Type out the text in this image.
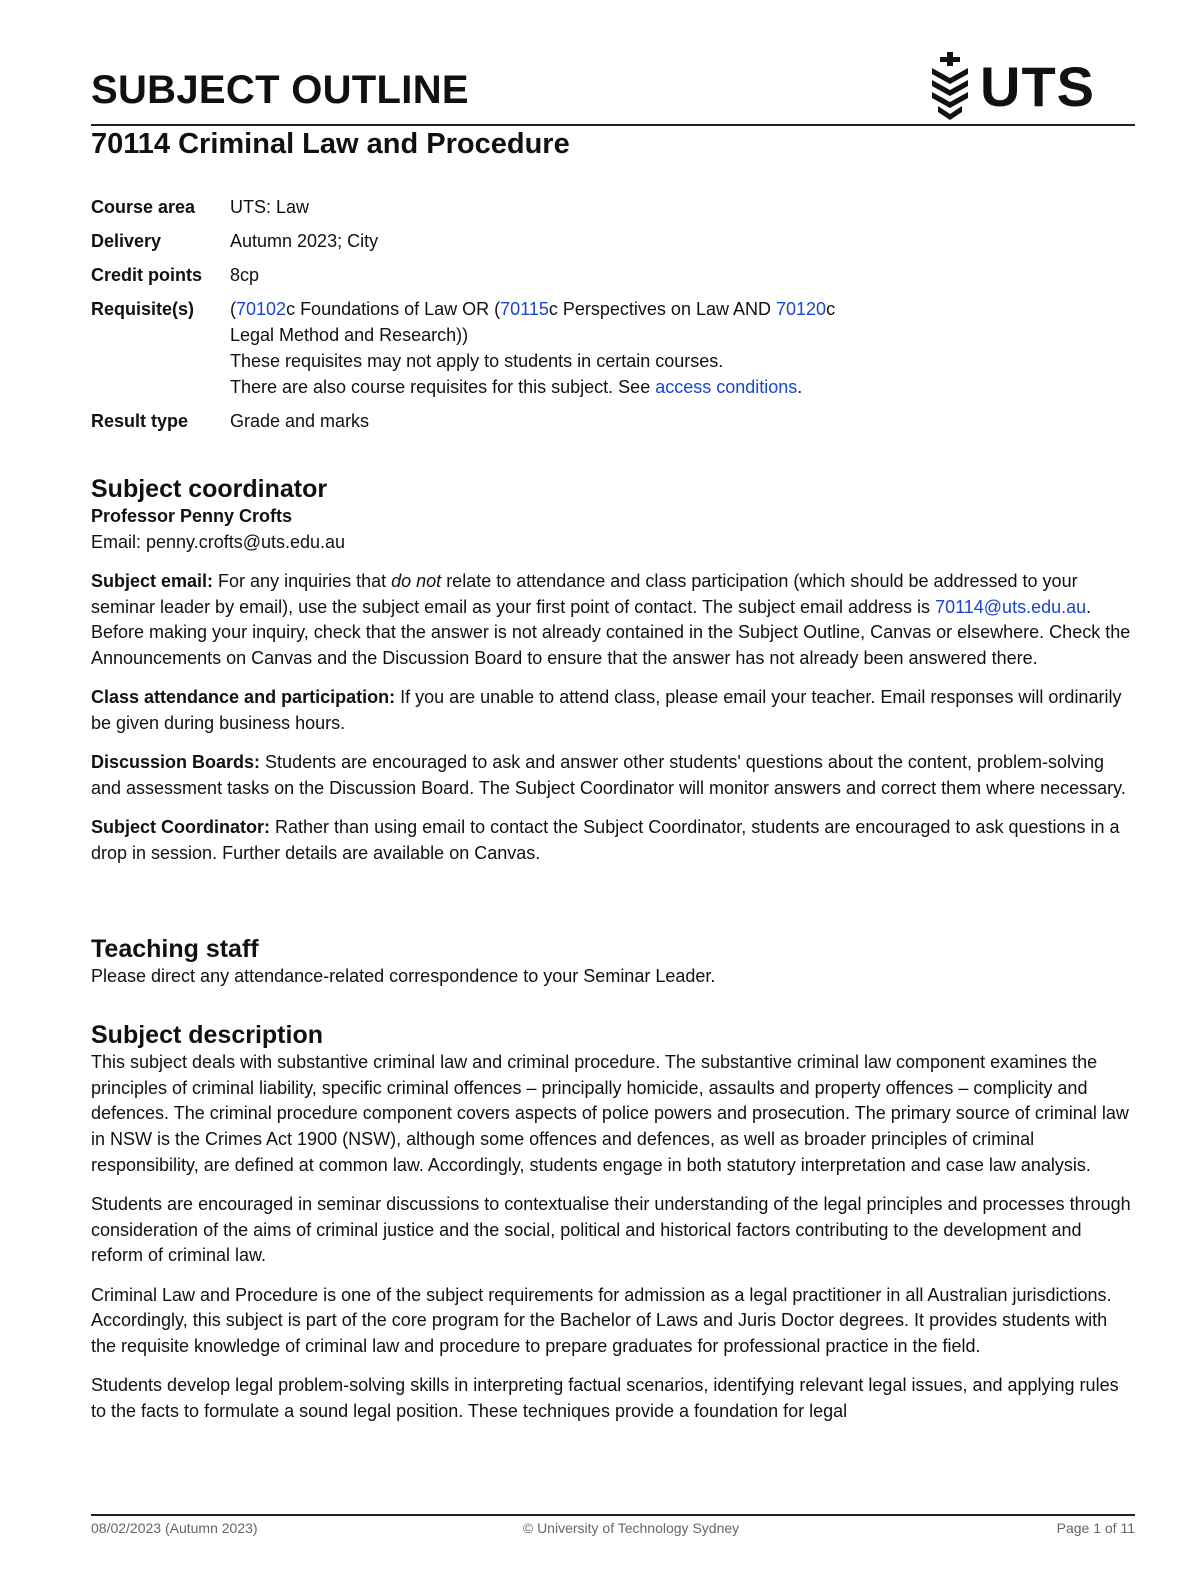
SUBJECT OUTLINE	UTS
70114 Criminal Law and Procedure
Course area	UTS: Law
Delivery	Autumn 2023; City
Credit points	8cp
Requisite(s)	(70102c Foundations of Law OR (70115c Perspectives on Law AND 70120c
Legal Method and Research))
These requisites may not apply to students in certain courses.
There are also course requisites for this subject. See access conditions.
Result type	Grade and marks
Subject coordinator
Professor Penny Crofts
Email: penny.crofts@uts.edu.au

Subject email: For any inquiries that do not relate to attendance and class participation (which should be addressed to your seminar leader by email), use the subject email as your first point of contact. The subject email address is 70114@uts.edu.au. Before making your inquiry, check that the answer is not already contained in the Subject Outline, Canvas or elsewhere. Check the Announcements on Canvas and the Discussion Board to ensure that the answer has not already been answered there.

Class attendance and participation: If you are unable to attend class, please email your teacher. Email responses will ordinarily be given during business hours.

Discussion Boards: Students are encouraged to ask and answer other students' questions about the content, problem-solving and assessment tasks on the Discussion Board. The Subject Coordinator will monitor answers and correct them where necessary.

Subject Coordinator: Rather than using email to contact the Subject Coordinator, students are encouraged to ask questions in a drop in session. Further details are available on Canvas.

Teaching staff
Please direct any attendance-related correspondence to your Seminar Leader.
Subject description

This subject deals with substantive criminal law and criminal procedure. The substantive criminal law component examines the principles of criminal liability, specific criminal offences – principally homicide, assaults and property offences – complicity and defences. The criminal procedure component covers aspects of police powers and prosecution. The primary source of criminal law in NSW is the Crimes Act 1900 (NSW), although some offences and defences, as well as broader principles of criminal responsibility, are defined at common law. Accordingly, students engage in both statutory interpretation and case law analysis.

Students are encouraged in seminar discussions to contextualise their understanding of the legal principles and processes through consideration of the aims of criminal justice and the social, political and historical factors contributing to the development and reform of criminal law.

Criminal Law and Procedure is one of the subject requirements for admission as a legal practitioner in all Australian jurisdictions. Accordingly, this subject is part of the core program for the Bachelor of Laws and Juris Doctor degrees. It provides students with the requisite knowledge of criminal law and procedure to prepare graduates for professional practice in the field.

Students develop legal problem-solving skills in interpreting factual scenarios, identifying relevant legal issues, and applying rules to the facts to formulate a sound legal position. These techniques provide a foundation for legal

08/02/2023 (Autumn 2023)	© University of Technology Sydney	Page 1 of 11
